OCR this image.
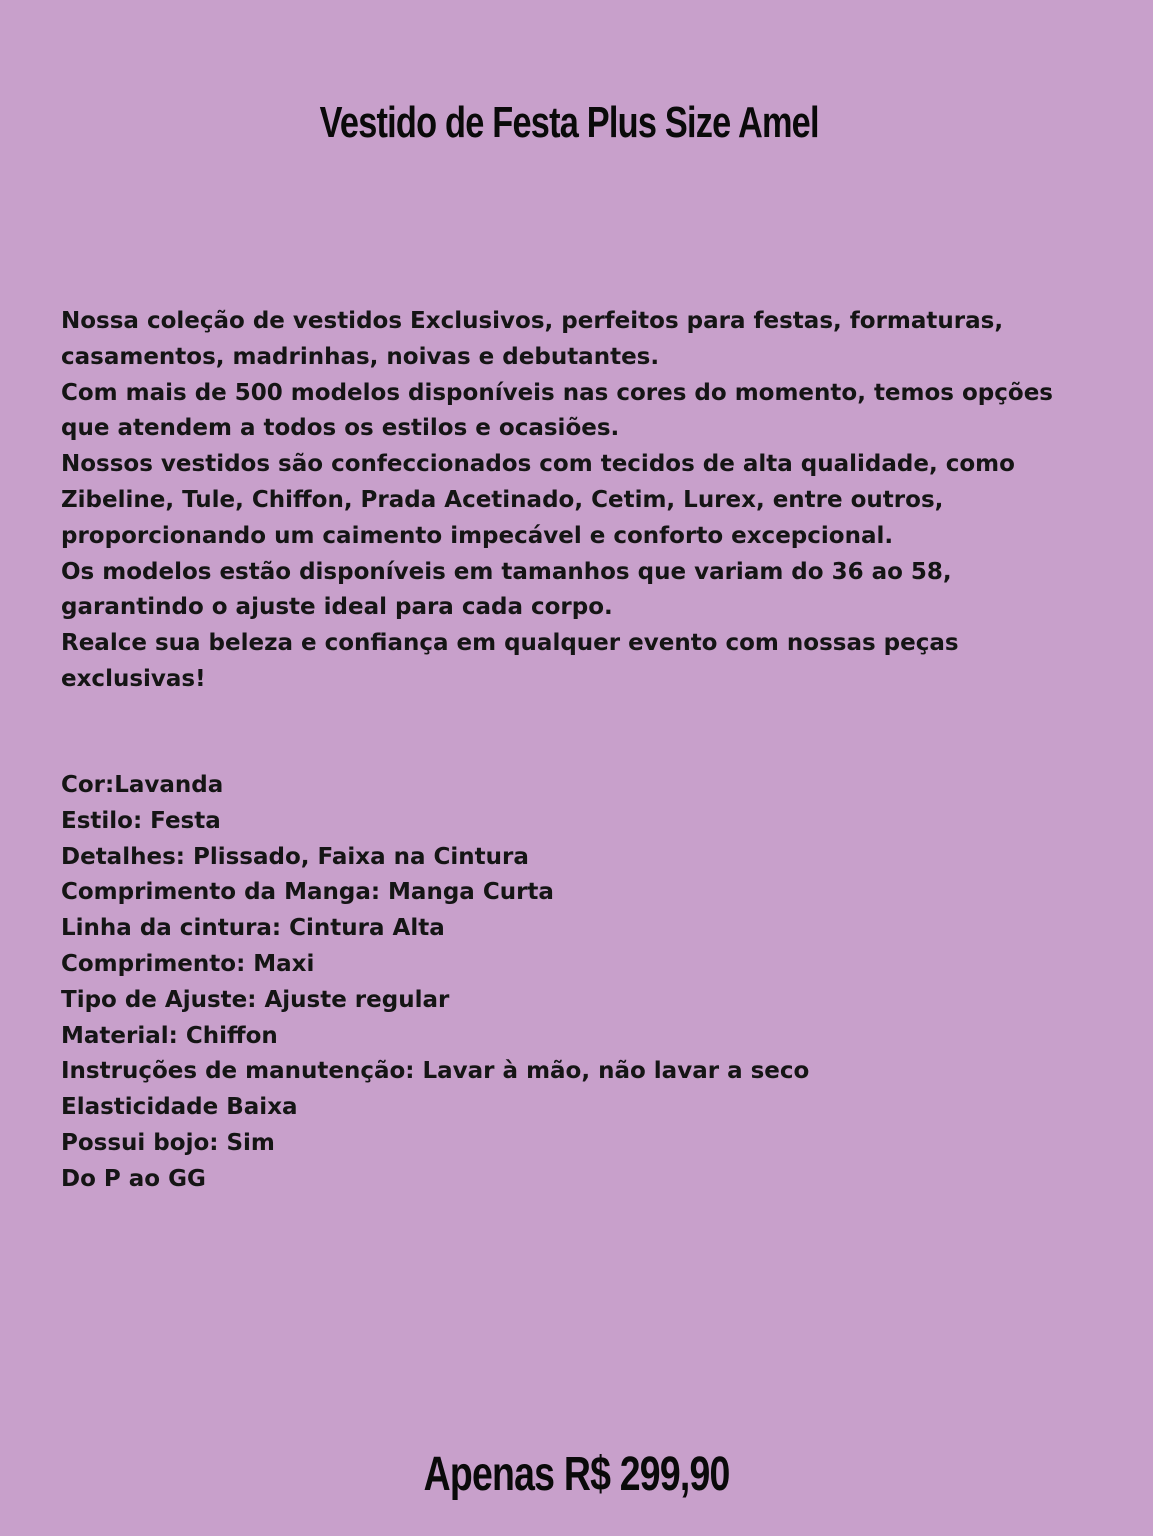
Vestido de Festa Plus Size Amel

Nossa coleção de vestidos Exclusivos, perfeitos para festas, formaturas, casamentos, madrinhas, noivas e debutantes.

Com mais de 500 modelos disponíveis nas cores do momento, temos opções que atendem a todos os estilos e ocasiões.

Nossos vestidos são confeccionados com tecidos de alta qualidade, como Zibeline, Tule, Chiffon, Prada Acetinado, Cetim, Lurex, entre outros, proporcionando um caimento impecável e conforto excepcional.

Os modelos estão disponíveis em tamanhos que variam do 36 ao 58, garantindo o ajuste ideal para cada corpo.

Realce sua beleza e confiança em qualquer evento com nossas peças exclusivas!

Cor:Lavanda
Estilo: Festa
Detalhes: Plissado, Faixa na Cintura
Comprimento da Manga: Manga Curta
Linha da cintura: Cintura Alta
Comprimento: Maxi
Tipo de Ajuste: Ajuste regular
Material: Chiffon
Instruções de manutenção: Lavar à mão, não lavar a seco
Elasticidade Baixa
Possui bojo: Sim
Do P ao GG
Apenas R$ 299,90
